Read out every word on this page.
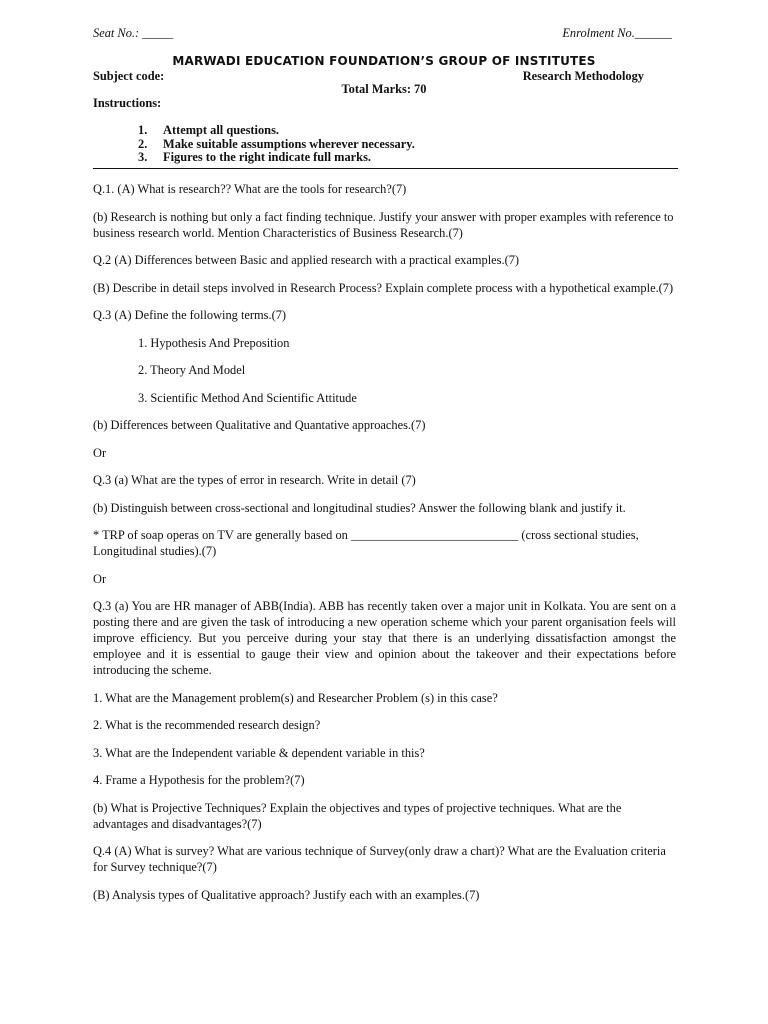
Seat No.: _____	Enrolment No.______
MARWADI EDUCATION FOUNDATION’S GROUP OF INSTITUTES
Subject code:	Research Methodology
Total Marks: 70
Instructions:
1.	Attempt all questions.
2.	Make suitable assumptions wherever necessary.
3.	Figures to the right indicate full marks.

Q.1. (A) What is research?? What are the tools for research?(7)

(b) Research is nothing but only a fact finding technique. Justify your answer with proper examples with reference to business research world. Mention Characteristics of Business Research.(7)

Q.2 (A) Differences between Basic and applied research with a practical examples.(7)

(B) Describe in detail steps involved in Research Process? Explain complete process with a hypothetical example.(7)

Q.3 (A) Define the following terms.(7)

1. Hypothesis And Preposition

2. Theory And Model

3. Scientific Method And Scientific Attitude

(b) Differences between Qualitative and Quantative approaches.(7)

Or

Q.3 (a) What are the types of error in research. Write in detail (7)

(b) Distinguish between cross-sectional and longitudinal studies? Answer the following blank and justify it.

* TRP of soap operas on TV are generally based on ___________________________ (cross sectional studies, Longitudinal studies).(7)

Or

Q.3 (a) You are HR manager of ABB(India). ABB has recently taken over a major unit in Kolkata. You are sent on a posting there and are given the task of introducing a new operation scheme which your parent organisation feels will improve efficiency. But you perceive during your stay that there is an underlying dissatisfaction amongst the employee and it is essential to gauge their view and opinion about the takeover and their expectations before introducing the scheme.

1. What are the Management problem(s) and Researcher Problem (s) in this case?

2. What is the recommended research design?

3. What are the Independent variable & dependent variable in this?

4. Frame a Hypothesis for the problem?(7)

(b) What is Projective Techniques? Explain the objectives and types of projective techniques. What are the advantages and disadvantages?(7)

Q.4 (A) What is survey? What are various technique of Survey(only draw a chart)? What are the Evaluation criteria for Survey technique?(7)

(B) Analysis types of Qualitative approach? Justify each with an examples.(7)
